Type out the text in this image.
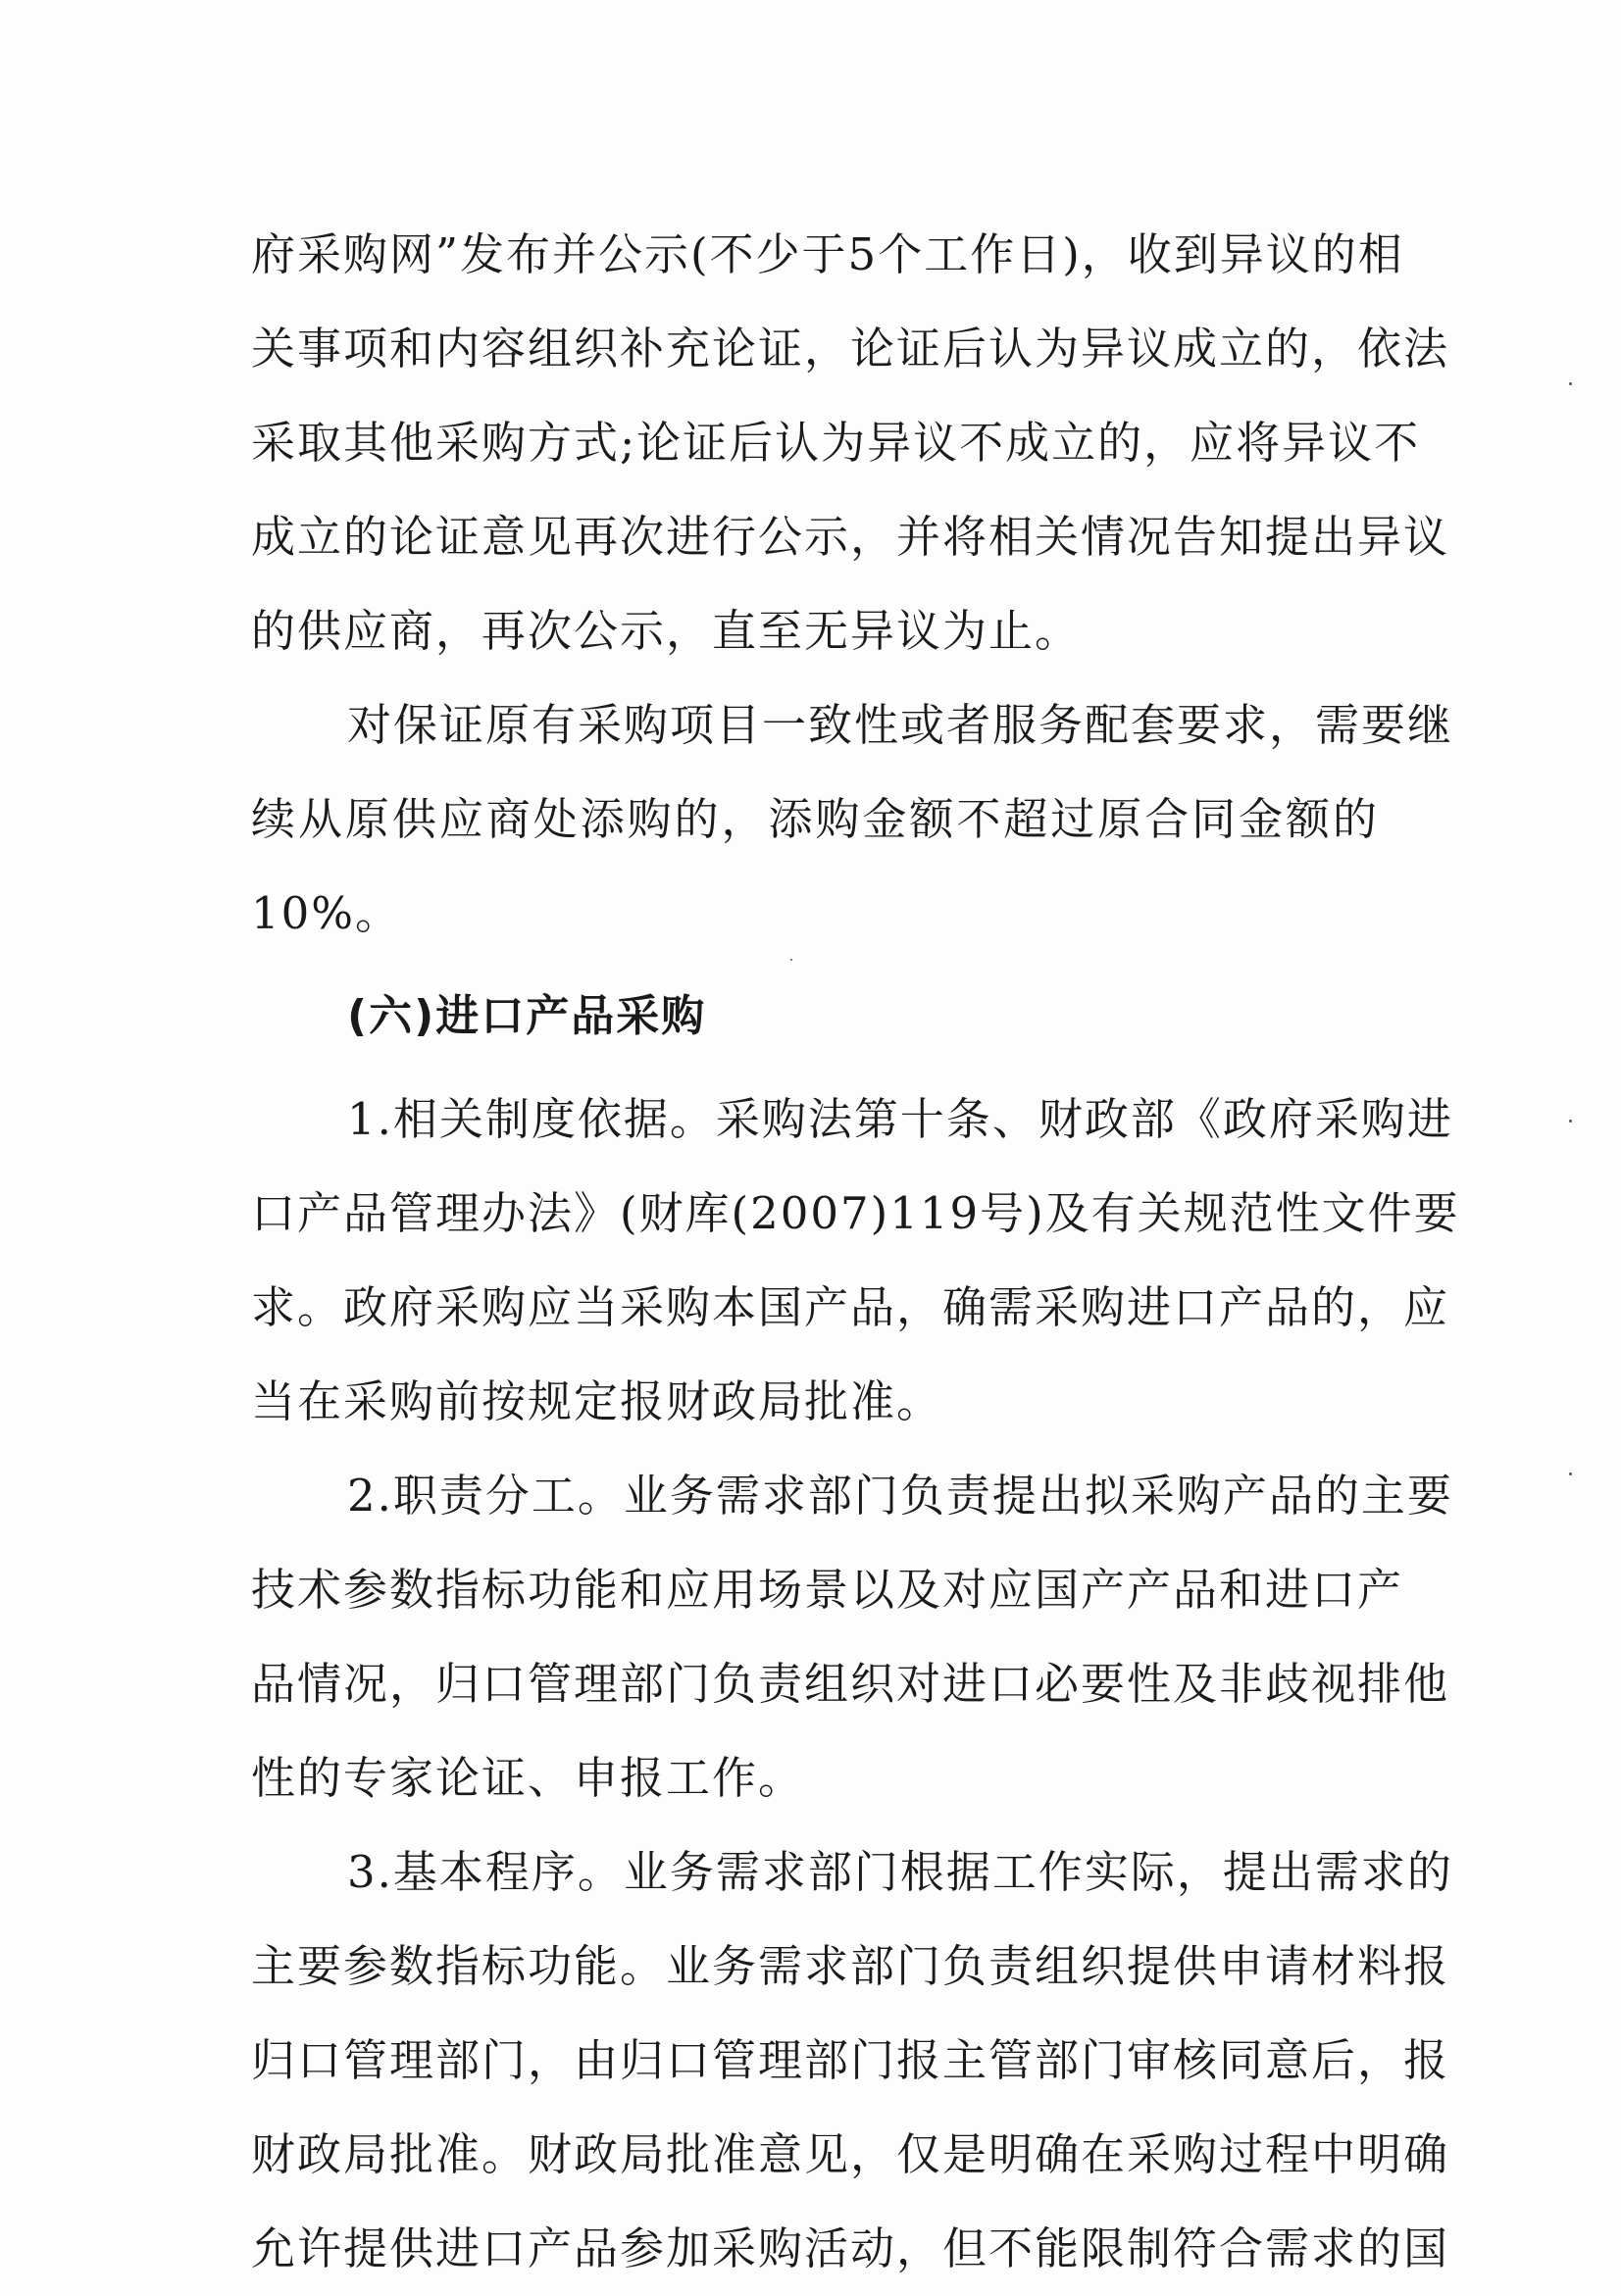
府采购网”发布并公示(不少于5个工作日)，收到异议的相
关事项和内容组织补充论证，论证后认为异议成立的，依法
采取其他采购方式;论证后认为异议不成立的，应将异议不
成立的论证意见再次进行公示，并将相关情况告知提出异议
的供应商，再次公示，直至无异议为止。
对保证原有采购项目一致性或者服务配套要求，需要继
续从原供应商处添购的，添购金额不超过原合同金额的
10%。
(六)进口产品采购
1.相关制度依据。采购法第十条、财政部《政府采购进
口产品管理办法》(财库(2007)119号)及有关规范性文件要
求。政府采购应当采购本国产品，确需采购进口产品的，应
当在采购前按规定报财政局批准。
2.职责分工。业务需求部门负责提出拟采购产品的主要
技术参数指标功能和应用场景以及对应国产产品和进口产
品情况，归口管理部门负责组织对进口必要性及非歧视排他
性的专家论证、申报工作。
3.基本程序。业务需求部门根据工作实际，提出需求的
主要参数指标功能。业务需求部门负责组织提供申请材料报
归口管理部门，由归口管理部门报主管部门审核同意后，报
财政局批准。财政局批准意见，仅是明确在采购过程中明确
允许提供进口产品参加采购活动，但不能限制符合需求的国
